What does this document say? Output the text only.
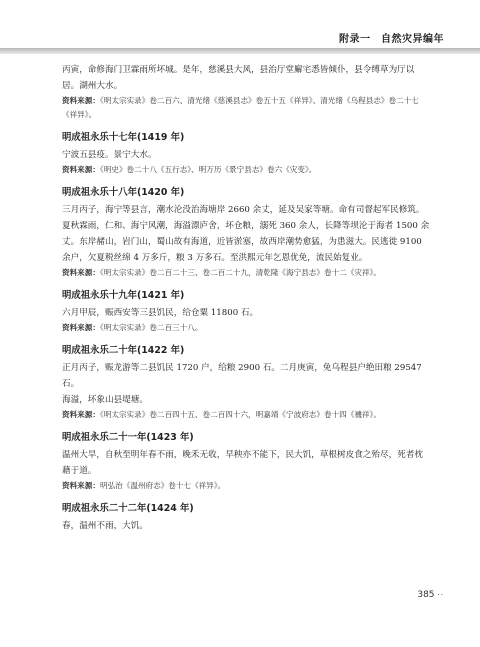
附录一　自然灾异编年

丙寅，命修海门卫霖雨所坏城。是年，慈溪县大风，县治厅堂廨宅悉皆倾仆，县令缚草为厅以居。湖州大水。

资料来源：《明太宗实录》卷二百六、清光绪《慈溪县志》卷五十五《祥异》、清光绪《乌程县志》卷二十七《祥异》。

明成祖永乐十七年(1419 年)

宁波五县疫。景宁大水。

资料来源：《明史》卷二十八《五行志》、明万历《景宁县志》卷六《灾变》。

明成祖永乐十八年(1420 年)

三月丙子，海宁等县言，潮水沦没治海塘岸 2660 余丈，延及吴家等塘。命有司督起军民修筑。

夏秋霖雨，仁和、海宁风潮，海溢漂庐舍，坏仓粮，溺死 360 余人，长降等坝沦于海者 1500 余丈。东岸赭山，岩门山，蜀山故有海道，近皆淤塞，故西岸潮势愈猛，为患滋大。民逃徙 9100 余户，欠夏税丝绵 4 万多斤，粮 3 万多石。至洪熙元年乞恩优免，流民始复业。

资料来源：《明太宗实录》卷二百二十三、卷二百二十九，清乾隆《海宁县志》卷十二《灾祥》。

明成祖永乐十九年(1421 年)

六月甲辰，赈西安等三县饥民，给仓粟 11800 石。

资料来源：《明太宗实录》卷二百三十八。

明成祖永乐二十年(1422 年)

正月丙子，赈龙游等二县饥民 1720 户，给粮 2900 石。二月庚寅，免乌程县户绝田粮 29547 石。

海溢，坏象山县堤塘。

资料来源：《明太宗实录》卷二百四十五、卷二百四十六，明嘉靖《宁波府志》卷十四《禨祥》。

明成祖永乐二十一年(1423 年)

温州大旱，自秋至明年春不雨，晚禾无收，早秧亦不能下，民大饥，草根树皮食之殆尽，死者枕藉于道。

资料来源：明弘治《温州府志》卷十七《祥异》。

明成祖永乐二十二年(1424 年)

春，温州不雨，大饥。

385 ··
